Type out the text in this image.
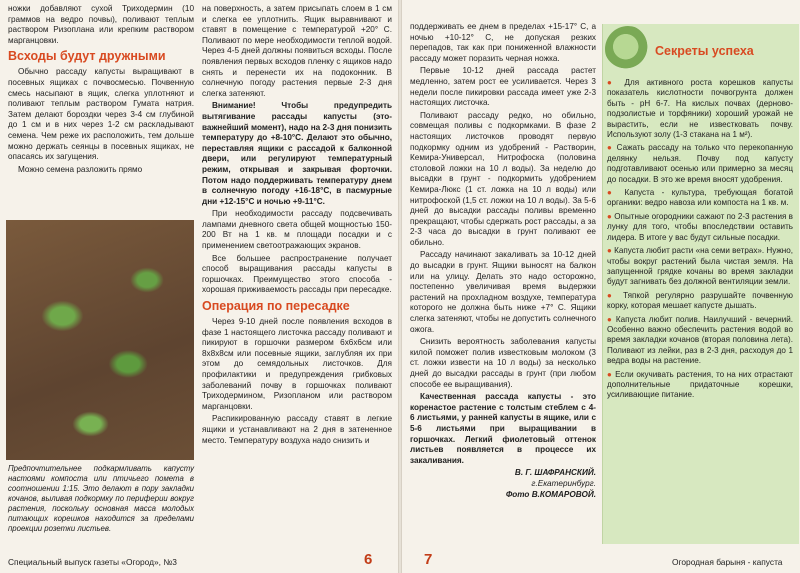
ножки добавляют сухой Триходермин (10 граммов на ведро почвы), поливают теплым раствором Ризоплана или крепким раствором марганцовки.

Всходы будут дружными

Обычно рассаду капусты выращивают в посевных ящиках с почвосмесью. Почвенную смесь насыпают в ящик, слегка уплотняют и поливают теплым раствором Гумата натрия. Затем делают бороздки через 3-4 см глубиной до 1 см и в них через 1-2 см раскладывают семена. Чем реже их расположить, тем дольше можно держать сеянцы в посевных ящиках, не опасаясь их загущения.

Можно семена разложить прямо

Предпочтительнее подкармливать капусту настоями компоста или птичьего помета в соотношении 1:15. Это делают в пору закладки кочанов, выливая подкормку по периферии вокруг растения, поскольку основная масса молодых питающих корешков находится за пределами проекции розетки листьев.

на поверхность, а затем присыпать слоем в 1 см и слегка ее уплотнить. Ящик выравнивают и ставят в помещение с температурой +20° С. Поливают по мере необходимости теплой водой. Через 4-5 дней должны появиться всходы. После появления первых всходов пленку с ящиков надо снять и перенести их на подоконник. В солнечную погоду растения первые 2-3 дня слегка затеняют.

Внимание! Чтобы предупредить вытягивание рассады капусты (это-важнейший момент), надо на 2-3 дня понизить температуру до +8-10°С. Делают это обычно, переставляя ящики с рассадой к балконной двери, или регулируют температурный режим, открывая и закрывая форточки. Потом надо поддерживать температуру днем в солнечную погоду +16-18°С, в пасмурные дни +12-15°С и ночью +9-11°С.

При необходимости рассаду подсвечивать лампами дневного света общей мощностью 150-200 Вт на 1 кв. м площади посадки и с применением светоотражающих экранов.

Все большее распространение получает способ выращивания рассады капусты в горшочках. Преимущество этого способа - хорошая приживаемость рассады при пересадке.

Операция по пересадке

Через 9-10 дней после появления всходов в фазе 1 настоящего листочка рассаду поливают и пикируют в горшочки размером 6х6х6см или 8х8х8см или посевные ящики, заглубляя их при этом до семядольных листочков. Для профилактики и предупреждения грибковых заболеваний почву в горшочках поливают Триходермином, Ризопланом или раствором марганцовки.

Распикированную рассаду ставят в легкие ящики и устанавливают на 2 дня в затененное место. Температуру воздуха надо снизить и

Специальный выпуск газеты «Огород», №3	6

поддерживать ее днем в пределах +15-17° С, а ночью +10-12° С, не допуская резких перепадов, так как при пониженной влажности рассаду может поразить черная ножка.

Первые 10-12 дней рассада растет медленно, затем рост ее усиливается. Через 3 недели после пикировки рассада имеет уже 2-3 настоящих листочка.

Поливают рассаду редко, но обильно, совмещая поливы с подкормками. В фазе 2 настоящих листочков проводят первую подкормку одним из удобрений - Растворин, Кемира-Универсал, Нитрофоска (половина столовой ложки на 10 л воды). За неделю до высадки в грунт - подкормить удобрением Кемира-Люкс (1 ст. ложка на 10 л воды) или нитрофоской (1,5 ст. ложки на 10 л воды). За 5-6 дней до высадки рассады поливы временно прекращают, чтобы сдержать рост рассады, а за 2-3 часа до высадки в грунт поливают ее обильно.

Рассаду начинают закаливать за 10-12 дней до высадки в грунт. Ящики выносят на балкон или на улицу. Делать это надо осторожно, постепенно увеличивая время выдержки растений на прохладном воздухе, температура которого не должна быть ниже +7° С. Ящики слегка затеняют, чтобы не допустить солнечного ожога.

Снизить вероятность заболевания капусты килой поможет полив известковым молоком (3 ст. ложки извести на 10 л воды) за несколько дней до высадки рассады в грунт (при любом способе ее выращивания).

Качественная рассада капусты - это коренастое растение с толстым стеблем с 4-6 листьями, у ранней капусты в ящике, или с 5-6 листьями при выращивании в горшочках. Легкий фиолетовый оттенок листьев появляется в процессе их закаливания.

В. Г. ШАФРАНСКИЙ.
г.Екатеринбург.
Фото В.КОМАРОВОЙ.
Секреты успеха
● Для активного роста корешков капусты показатель кислотности почвогрунта должен быть - рН 6-7. На кислых почвах (дерново-подзолистые и торфяники) хороший урожай не вырастить, если не известковать почву. Используют золу (1-3 стакана на 1 м²).
● Сажать рассаду на только что перекопанную делянку нельзя. Почву под капусту подготавливают осенью или примерно за месяц до посадки. В это же время вносят удобрения.
● Капуста - культура, требующая богатой органики: ведро навоза или компоста на 1 кв. м.
● Опытные огородники сажают по 2-3 растения в лунку для того, чтобы впоследствии оставить лидера. В итоге у вас будут сильные посадки.
● Капуста любит расти «на семи ветрах». Нужно, чтобы вокруг растений была чистая земля. На запущенной грядке кочаны во время закладки будут загнивать без должной вентиляции земли.
● Тяпкой регулярно разрушайте почвенную корку, которая мешает капусте дышать.
● Капуста любит полив. Наилучший - вечерний. Особенно важно обеспечить растения водой во время закладки кочанов (вторая половина лета). Поливают из лейки, раз в 2-3 дня, расходуя до 1 ведра воды на растение.
● Если окучивать растения, то на них отрастают дополнительные придаточные корешки, усиливающие питание.
7	Огородная барыня - капуста
